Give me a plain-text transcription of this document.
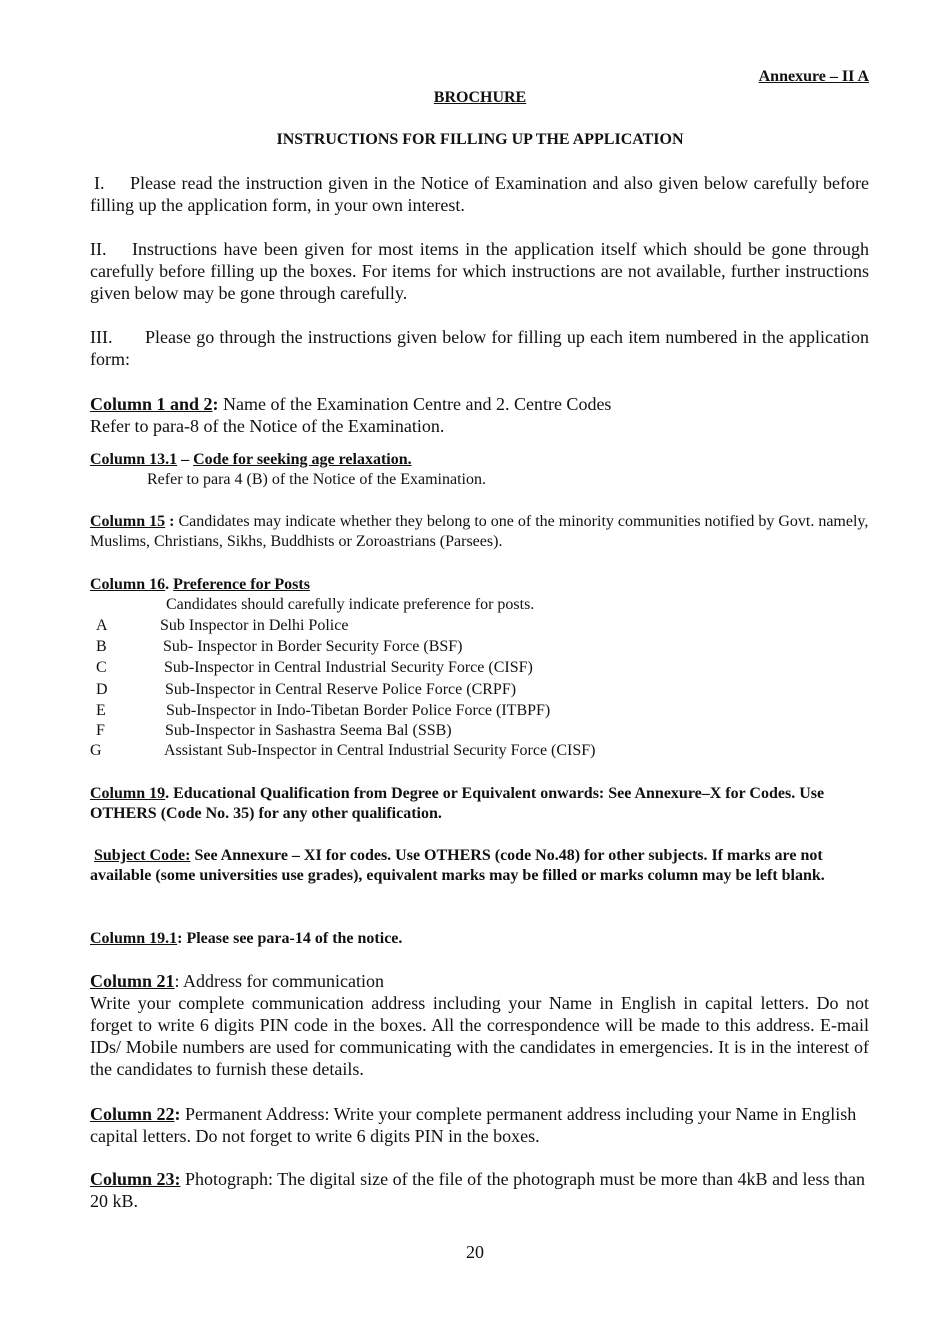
Annexure – II A
BROCHURE
INSTRUCTIONS FOR FILLING UP THE APPLICATION
I. Please read the instruction given in the Notice of Examination and also given below carefully before filling up the application form, in your own interest.
II. Instructions have been given for most items in the application itself which should be gone through carefully before filling up the boxes. For items for which instructions are not available, further instructions given below may be gone through carefully.
III. Please go through the instructions given below for filling up each item numbered in the application form:
Column 1 and 2: Name of the Examination Centre and 2. Centre Codes
Refer to para-8 of the Notice of the Examination.
Column 13.1 – Code for seeking age relaxation.
Refer to para 4 (B) of the Notice of the Examination.
Column 15 : Candidates may indicate whether they belong to one of the minority communities notified by Govt. namely, Muslims, Christians, Sikhs, Buddhists or Zoroastrians (Parsees).
Column 16. Preference for Posts
Candidates should carefully indicate preference for posts.
A	Sub Inspector in Delhi Police
B	Sub- Inspector in Border Security Force (BSF)
C	Sub-Inspector in Central Industrial Security Force (CISF)
D	Sub-Inspector in Central Reserve Police Force (CRPF)
E	Sub-Inspector in Indo-Tibetan Border Police Force (ITBPF)
F	Sub-Inspector in Sashastra Seema Bal (SSB)
G	Assistant Sub-Inspector in Central Industrial Security Force (CISF)
Column 19. Educational Qualification from Degree or Equivalent onwards: See Annexure–X for Codes. Use OTHERS (Code No. 35) for any other qualification.
Subject Code: See Annexure – XI for codes. Use OTHERS (code No.48) for other subjects. If marks are not available (some universities use grades), equivalent marks may be filled or marks column may be left blank.
Column 19.1: Please see para-14 of the notice.
Column 21: Address for communication
Write your complete communication address including your Name in English in capital letters. Do not forget to write 6 digits PIN code in the boxes. All the correspondence will be made to this address. E-mail IDs/ Mobile numbers are used for communicating with the candidates in emergencies. It is in the interest of the candidates to furnish these details.
Column 22: Permanent Address: Write your complete permanent address including your Name in English capital letters. Do not forget to write 6 digits PIN in the boxes.
Column 23: Photograph: The digital size of the file of the photograph must be more than 4kB and less than 20 kB.
20
